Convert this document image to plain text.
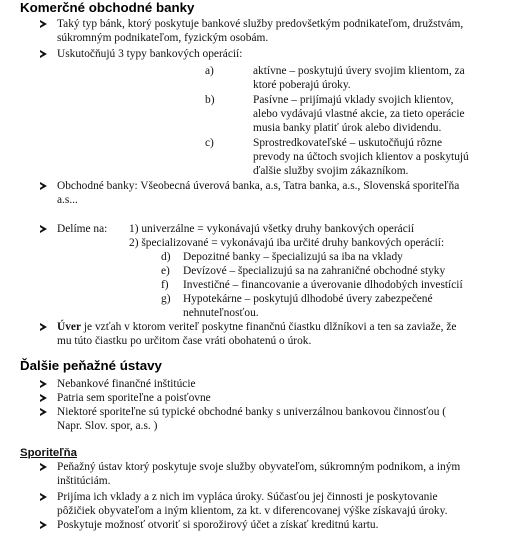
Komerčné obchodné banky
Taký typ bánk, ktorý poskytuje bankové služby predovšetkým podnikateľom, družstvám,
súkromným podnikateľom, fyzickým osobám.
Uskutočňujú 3 typy bankových operácií:
a)	aktívne – poskytujú úvery svojim klientom, za
ktoré poberajú úroky.
b)	Pasívne – prijímajú vklady svojich klientov,
alebo vydávajú vlastné akcie, za tieto operácie
musia banky platiť úrok alebo dividendu.
c)	Sprostredkovateľské – uskutočňujú rôzne
prevody na účtoch svojich klientov a poskytujú
ďalšie služby svojim zákazníkom.
Obchodné banky: Všeobecná úverová banka, a.s, Tatra banka, a.s., Slovenská sporiteľňa
a.s...
Delíme na: 1) univerzálne = vykonávajú všetky druhy bankových operácií
2) špecializované = vykonávajú iba určité druhy bankových operácií:
d) Depozitné banky – špecializujú sa iba na vklady
e) Devízové – špecializujú sa na zahraničné obchodné styky
f) Investičné – financovanie a úverovanie dlhodobých investícií
g) Hypotekárne – poskytujú dlhodobé úvery zabezpečené
nehnuteľnosťou.
Úver je vzťah v ktorom veriteľ poskytne finančnú čiastku dlžníkovi a ten sa zaviaže, že
mu túto čiastku po určitom čase vráti obohatenú o úrok.
Ďalšie peňažné ústavy
Nebankové finančné inštitúcie
Patria sem sporiteľne a poisťovne
Niektoré sporiteľne sú typické obchodné banky s univerzálnou bankovou činnosťou (
Napr. Slov. spor, a.s. )
Sporiteľňa
Peňažný ústav ktorý poskytuje svoje služby obyvateľom, súkromným podnikom, a iným
inštitúciám.
Prijíma ich vklady a z nich im vypláca úroky. Súčasťou jej činnosti je poskytovanie
pôžičiek obyvateľom a iným klientom, za kt. v diferencovanej výške získavajú úroky.
Poskytuje možnosť otvoriť si sporožirový účet a získať kreditnú kartu.
